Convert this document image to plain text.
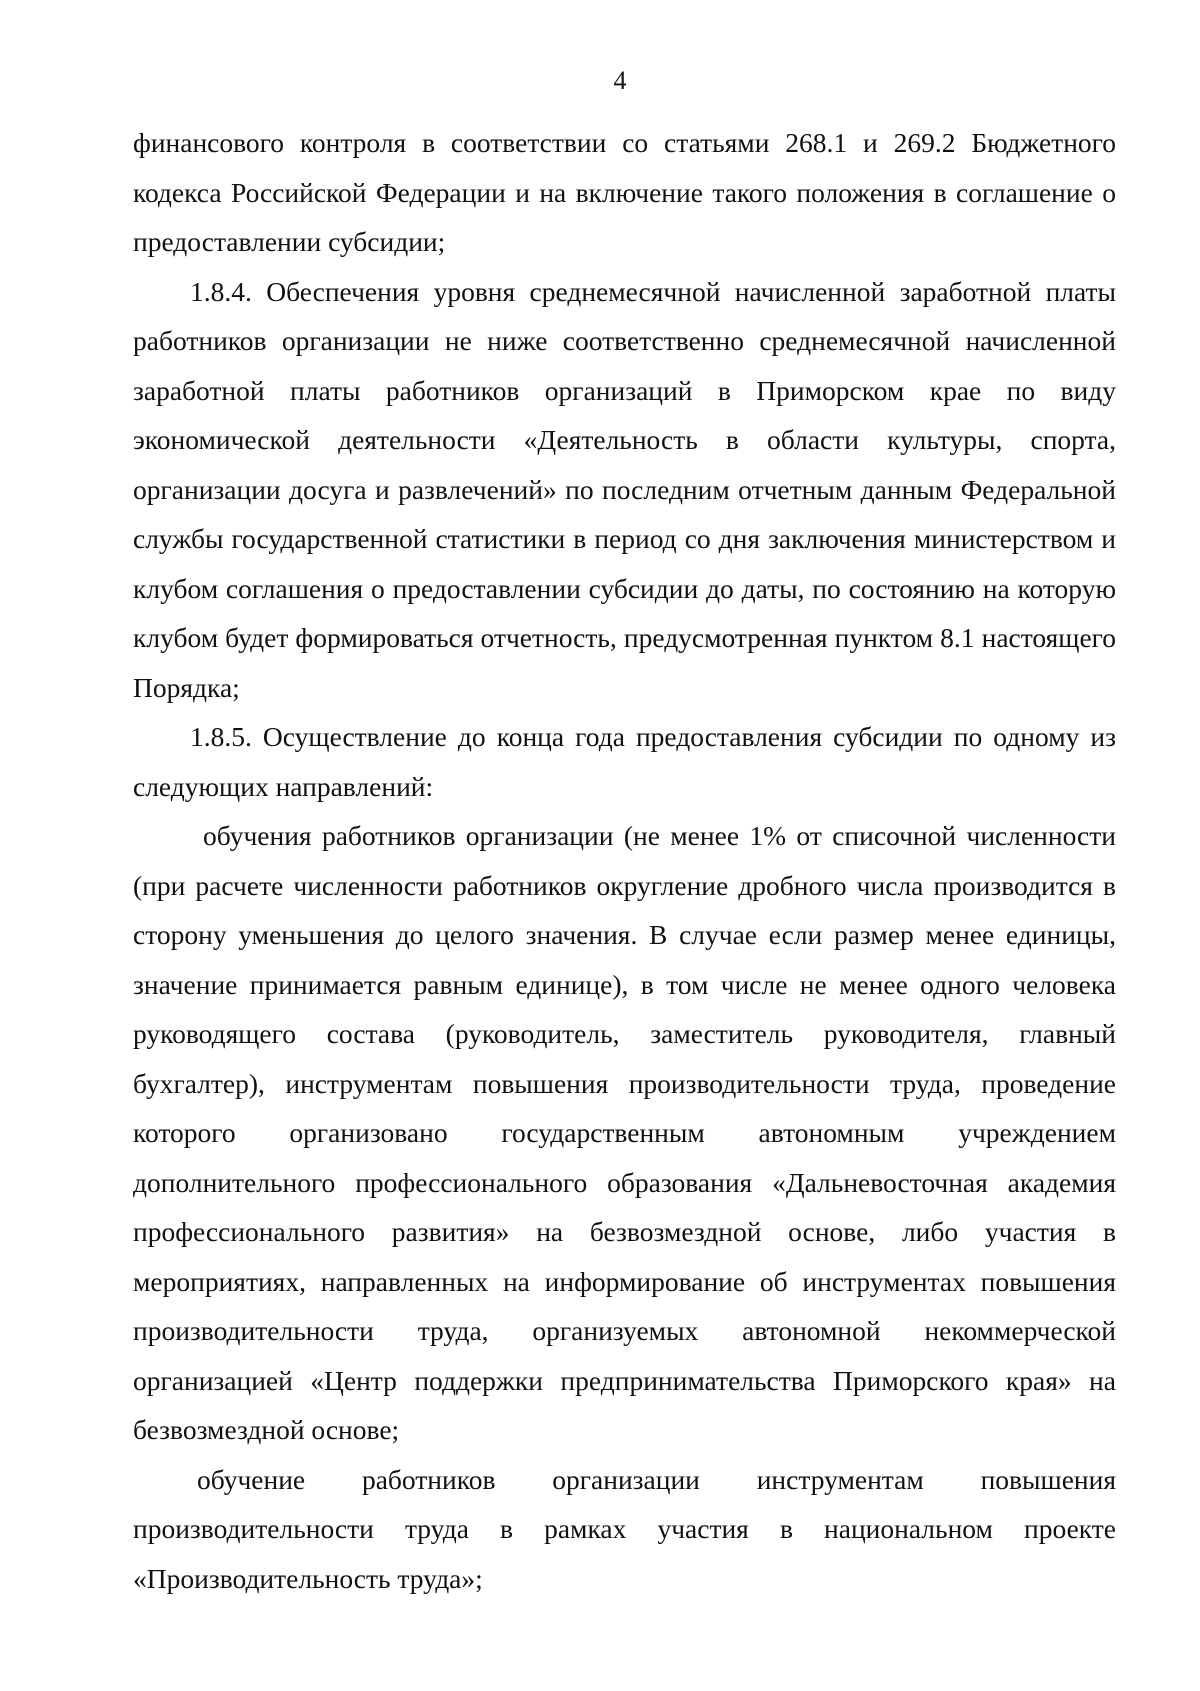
4

финансового контроля в соответствии со статьями 268.1 и 269.2 Бюджетного кодекса Российской Федерации и на включение такого положения в соглашение о предоставлении субсидии;

1.8.4. Обеспечения уровня среднемесячной начисленной заработной платы работников организации не ниже соответственно среднемесячной начисленной заработной платы работников организаций в Приморском крае по виду экономической деятельности «Деятельность в области культуры, спорта, организации досуга и развлечений» по последним отчетным данным Федеральной службы государственной статистики в период со дня заключения министерством и клубом соглашения о предоставлении субсидии до даты, по состоянию на которую клубом будет формироваться отчетность, предусмотренная пунктом 8.1 настоящего Порядка;

1.8.5. Осуществление до конца года предоставления субсидии по одному из следующих направлений:

обучения работников организации (не менее 1% от списочной численности (при расчете численности работников округление дробного числа производится в сторону уменьшения до целого значения. В случае если размер менее единицы, значение принимается равным единице), в том числе не менее одного человека руководящего состава (руководитель, заместитель руководителя, главный бухгалтер), инструментам повышения производительности труда, проведение которого организовано государственным автономным учреждением дополнительного профессионального образования «Дальневосточная академия профессионального развития» на безвозмездной основе, либо участия в мероприятиях, направленных на информирование об инструментах повышения производительности труда, организуемых автономной некоммерческой организацией «Центр поддержки предпринимательства Приморского края» на безвозмездной основе;

обучение работников организации инструментам повышения производительности труда в рамках участия в национальном проекте «Производительность труда»;
